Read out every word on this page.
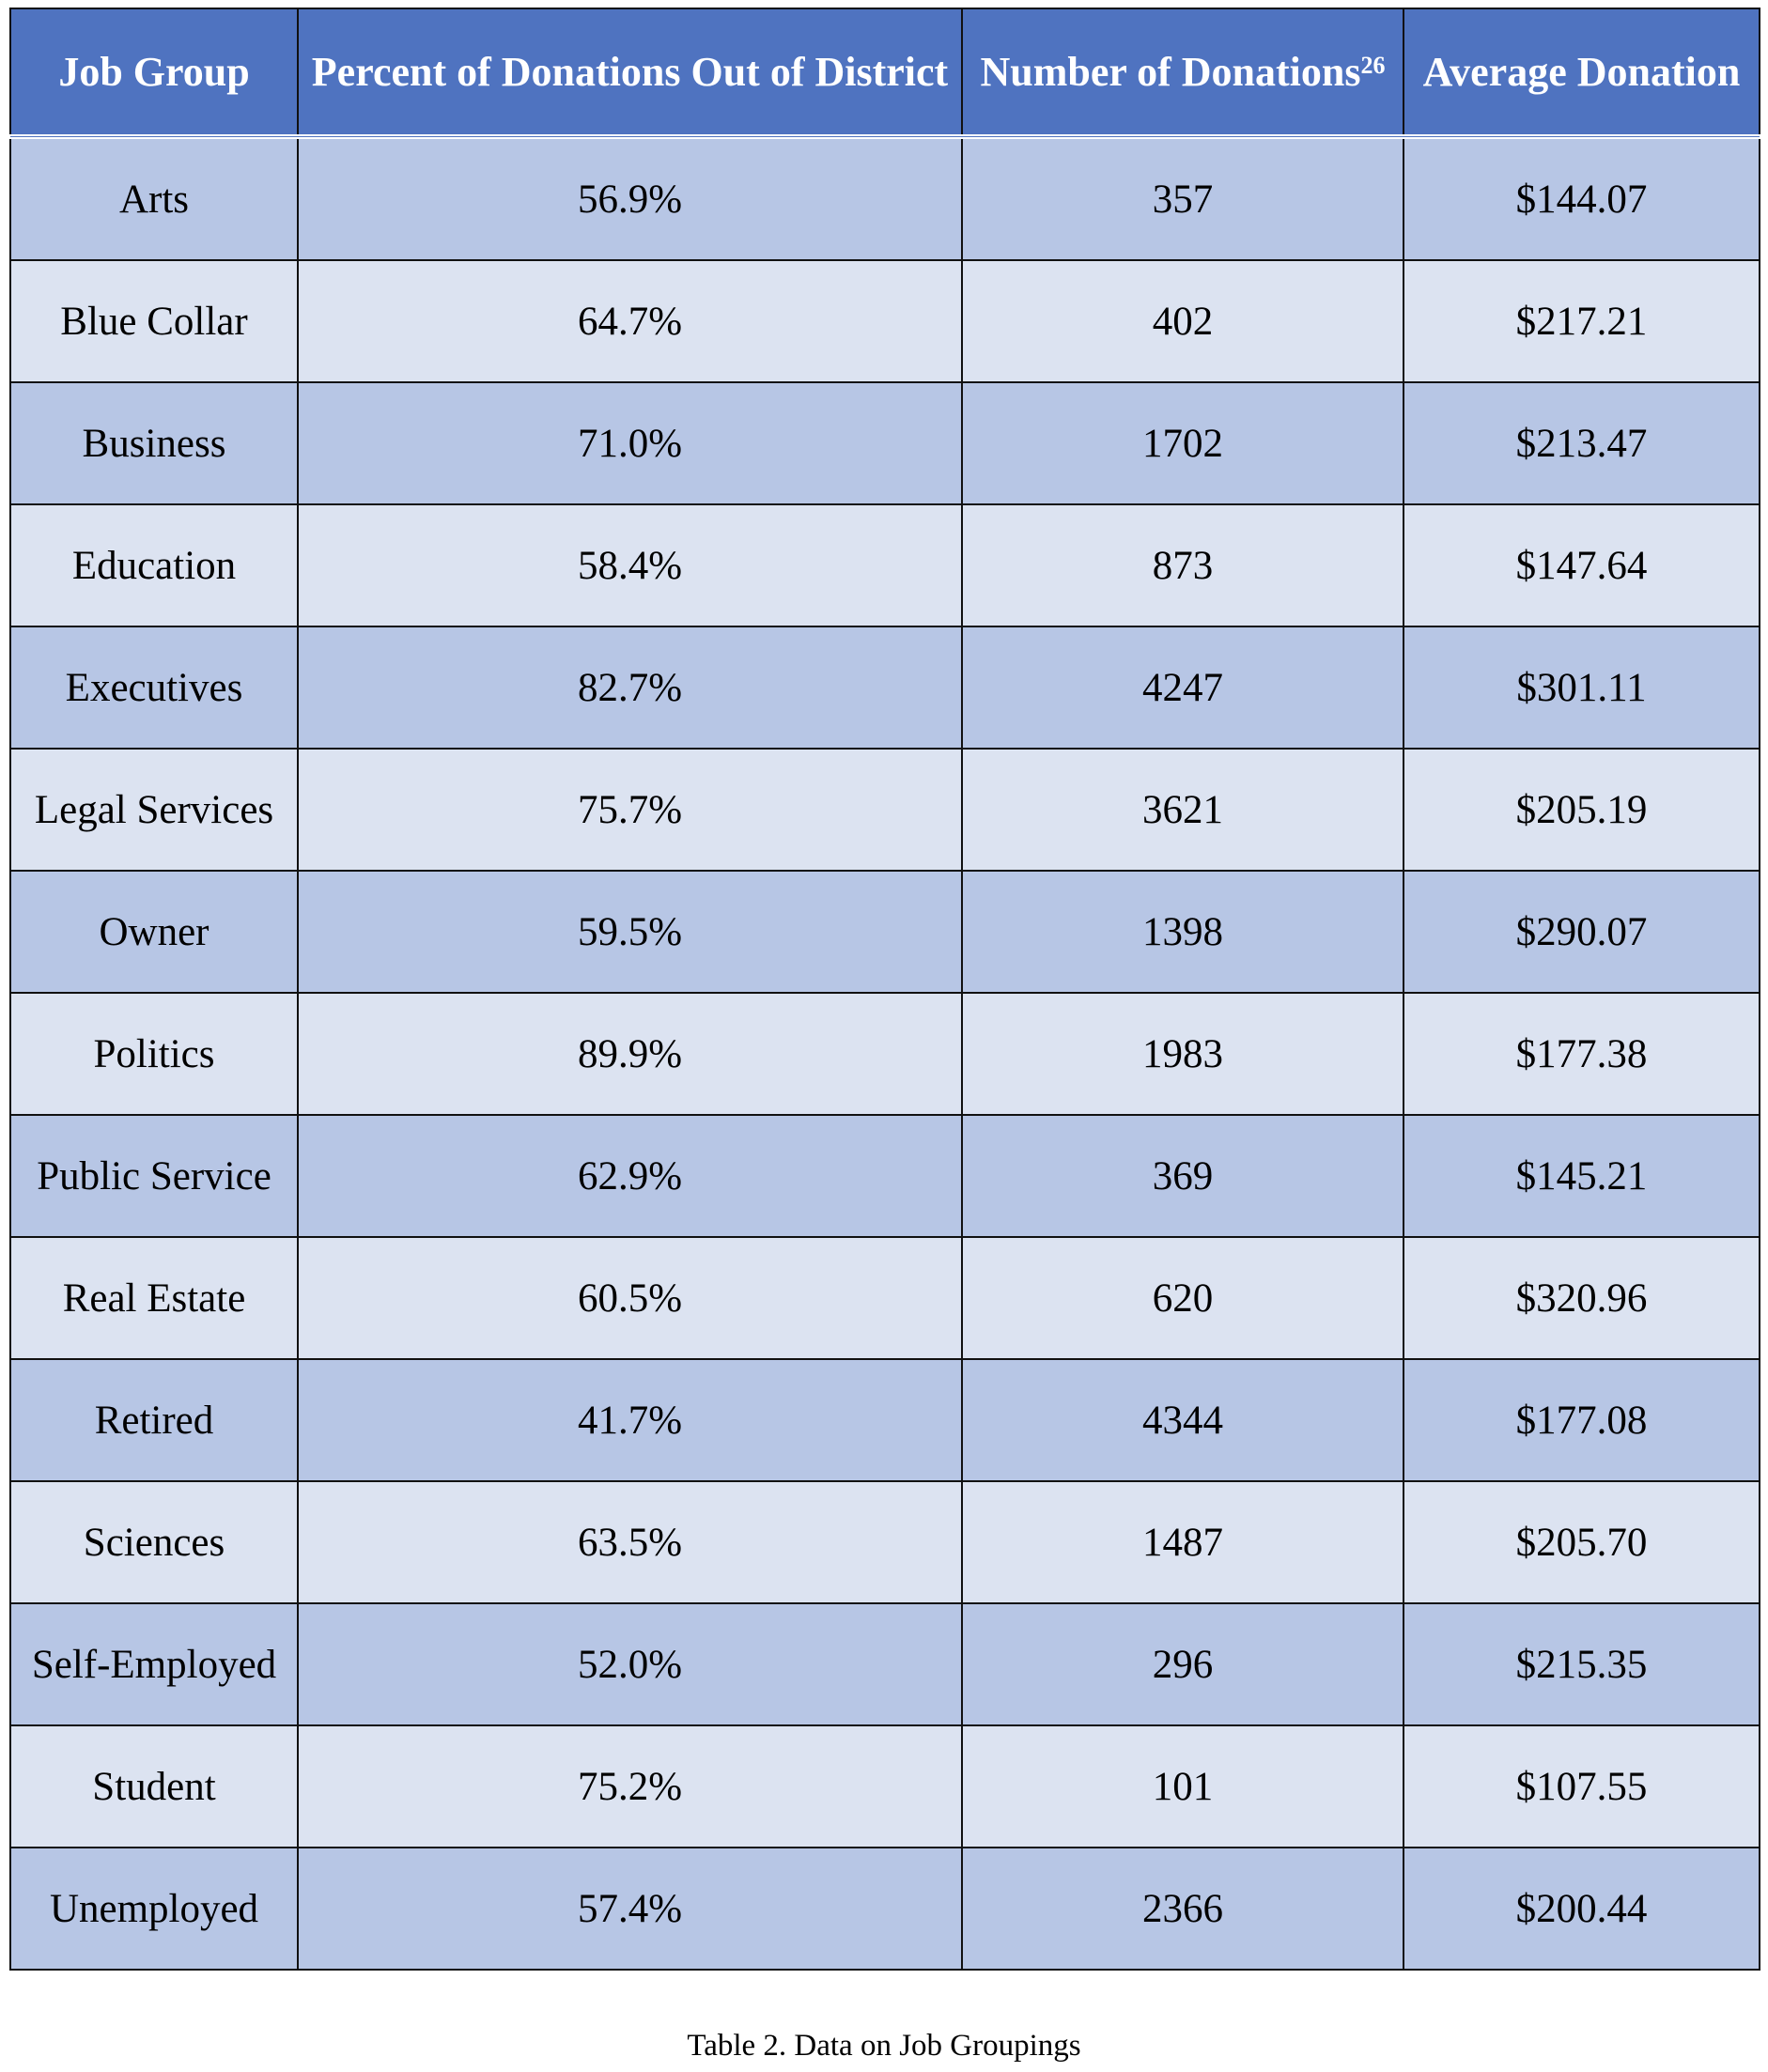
Job Group	Percent of Donations Out of District	Number of Donations$^{26}$	Average Donation
Arts	56.9%	357	$144.07
Blue Collar	64.7%	402	$217.21
Business	71.0%	1702	$213.47
Education	58.4%	873	$147.64
Executives	82.7%	4247	$301.11
Legal Services	75.7%	3621	$205.19
Owner	59.5%	1398	$290.07
Politics	89.9%	1983	$177.38
Public Service	62.9%	369	$145.21
Real Estate	60.5%	620	$320.96
Retired	41.7%	4344	$177.08
Sciences	63.5%	1487	$205.70
Self-Employed	52.0%	296	$215.35
Student	75.2%	101	$107.55
Unemployed	57.4%	2366	$200.44
Table 2. Data on Job Groupings
